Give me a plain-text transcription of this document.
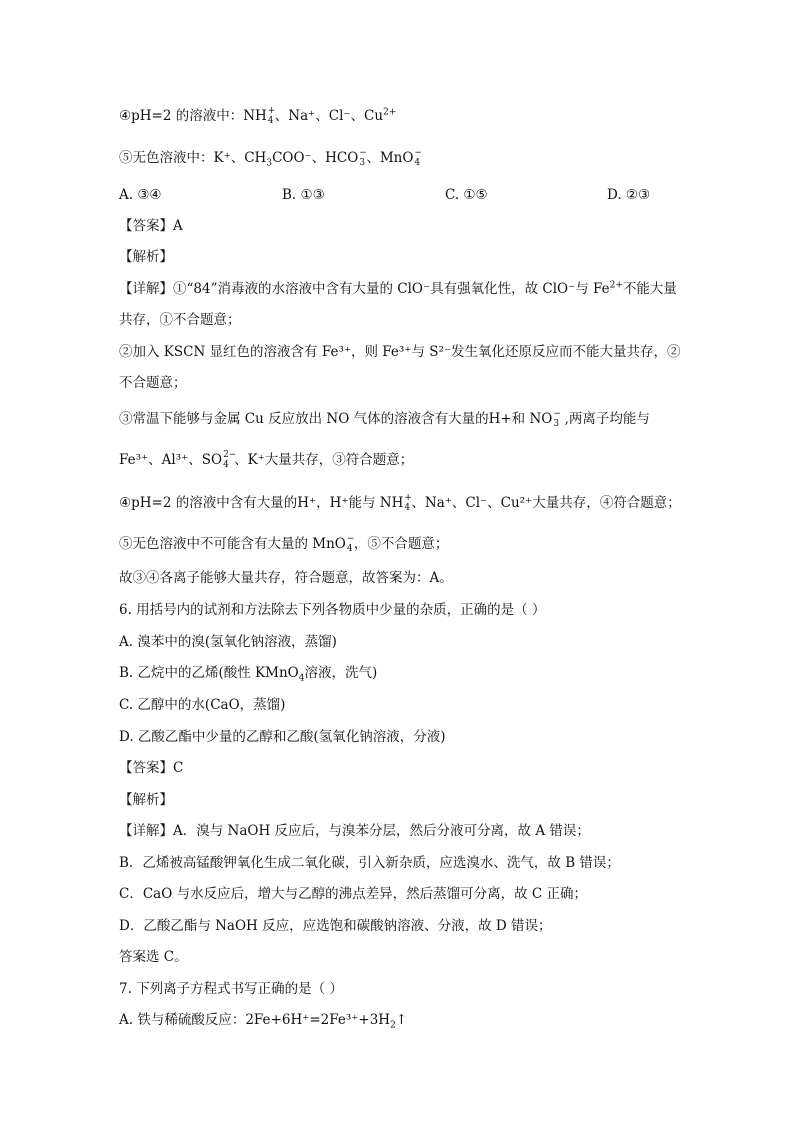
④pH=2 的溶液中：NH +
4 、Na⁺、Cl⁻、$Cu^{2+}$
⑤无色溶液中：K⁺、$CH_3COO^-$、HCO −
3 、MnO −
4
A. ③④	B. ①③	C. ①⑤	D. ②③
【答案】A
【解析】
【详解】①“84”消毒液的水溶液中含有大量的 ClO⁻具有强氧化性，故 ClO⁻与 $Fe^{2+}$不能大量
共存，①不合题意；
②加入 KSCN 显红色的溶液含有 Fe³⁺，则 Fe³⁺与 S²⁻发生氧化还原反应而不能大量共存，②
不合题意；
③常温下能够与金属 Cu 反应放出 NO 气体的溶液含有大量的H+和 NO −
3 ,两离子均能与
Fe³⁺、Al³⁺、SO 2−
4 、K⁺大量共存，③符合题意；
④pH=2 的溶液中含有大量的H⁺，H⁺能与 NH +
4 、Na⁺、Cl⁻、Cu²⁺大量共存，④符合题意；
⑤无色溶液中不可能含有大量的 MnO −
4 ，⑤不合题意；
故③④各离子能够大量共存，符合题意，故答案为：A。
6. 用括号内的试剂和方法除去下列各物质中少量的杂质，正确的是（ ）
A. 溴苯中的溴(氢氧化钠溶液，蒸馏)
B. 乙烷中的乙烯(酸性 KMnO$_4$溶液，洗气)
C. 乙醇中的水(CaO，蒸馏)
D. 乙酸乙酯中少量的乙醇和乙酸(氢氧化钠溶液，分液)
【答案】C
【解析】
【详解】A．溴与 NaOH 反应后，与溴苯分层，然后分液可分离，故 A 错误；
B．乙烯被高锰酸钾氧化生成二氧化碳，引入新杂质，应选溴水、洗气，故 B 错误；
C．CaO 与水反应后，增大与乙醇的沸点差异，然后蒸馏可分离，故 C 正确；
D．乙酸乙酯与 NaOH 反应，应选饱和碳酸钠溶液、分液，故 D 错误；
答案选 C。
7. 下列离子方程式书写正确的是（ ）
A. 铁与稀硫酸反应：$2Fe+6H^+=2Fe^{3+}+3H_2↑$
